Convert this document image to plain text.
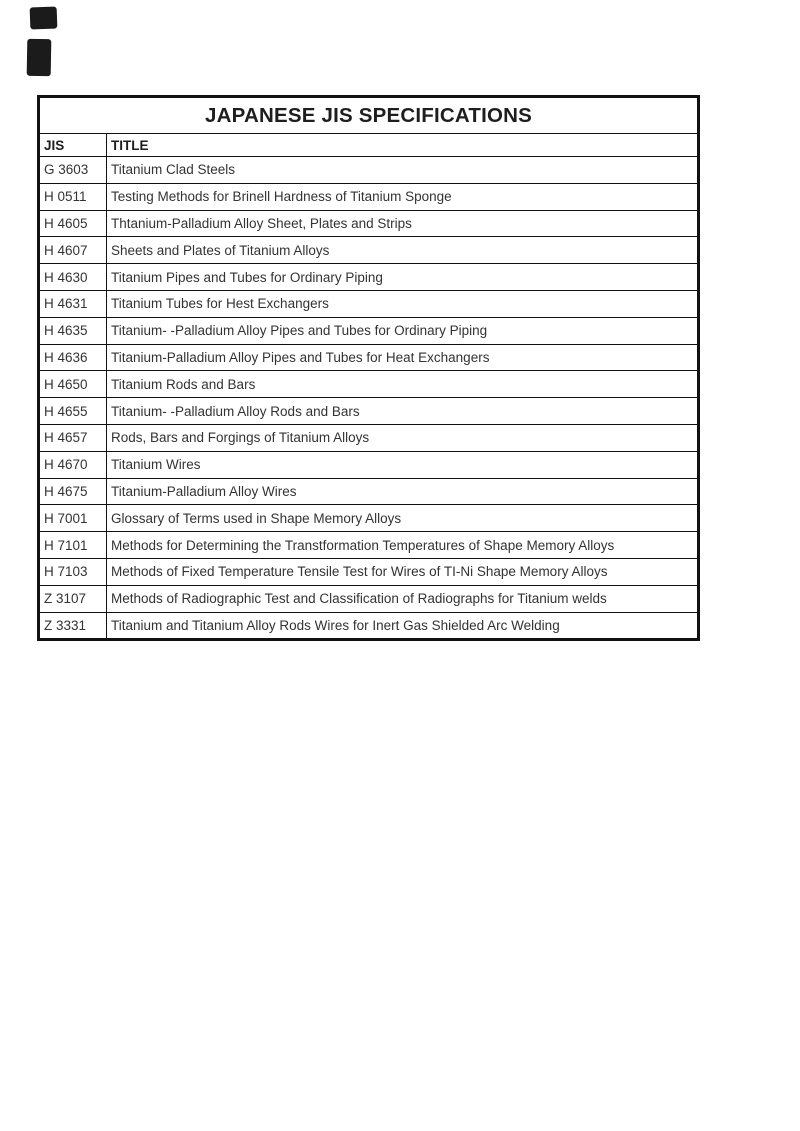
JAPANESE JIS SPECIFICATIONS	
JIS	TITLE
G 3603	Titanium Clad Steels
H 0511	Testing Methods for Brinell Hardness of Titanium Sponge
H 4605	Thtanium-Palladium Alloy Sheet, Plates and Strips
H 4607	Sheets and Plates of Titanium Alloys
H 4630	Titanium Pipes and Tubes for Ordinary Piping
H 4631	Titanium Tubes for Hest Exchangers
H 4635	Titanium- -Palladium Alloy Pipes and Tubes for Ordinary Piping
H 4636	Titanium-Palladium Alloy Pipes and Tubes for Heat Exchangers
H 4650	Titanium Rods and Bars
H 4655	Titanium- -Palladium Alloy Rods and Bars
H 4657	Rods, Bars and Forgings of Titanium Alloys
H 4670	Titanium Wires
H 4675	Titanium-Palladium Alloy Wires
H 7001	Glossary of Terms used in Shape Memory Alloys
H 7101	Methods for Determining the Transtformation Temperatures of Shape Memory Alloys
H 7103	Methods of Fixed Temperature Tensile Test for Wires of TI-Ni Shape Memory Alloys
Z 3107	Methods of Radiographic Test and Classification of Radiographs for Titanium welds
Z 3331	Titanium and Titanium Alloy Rods Wires for Inert Gas Shielded Arc Welding
